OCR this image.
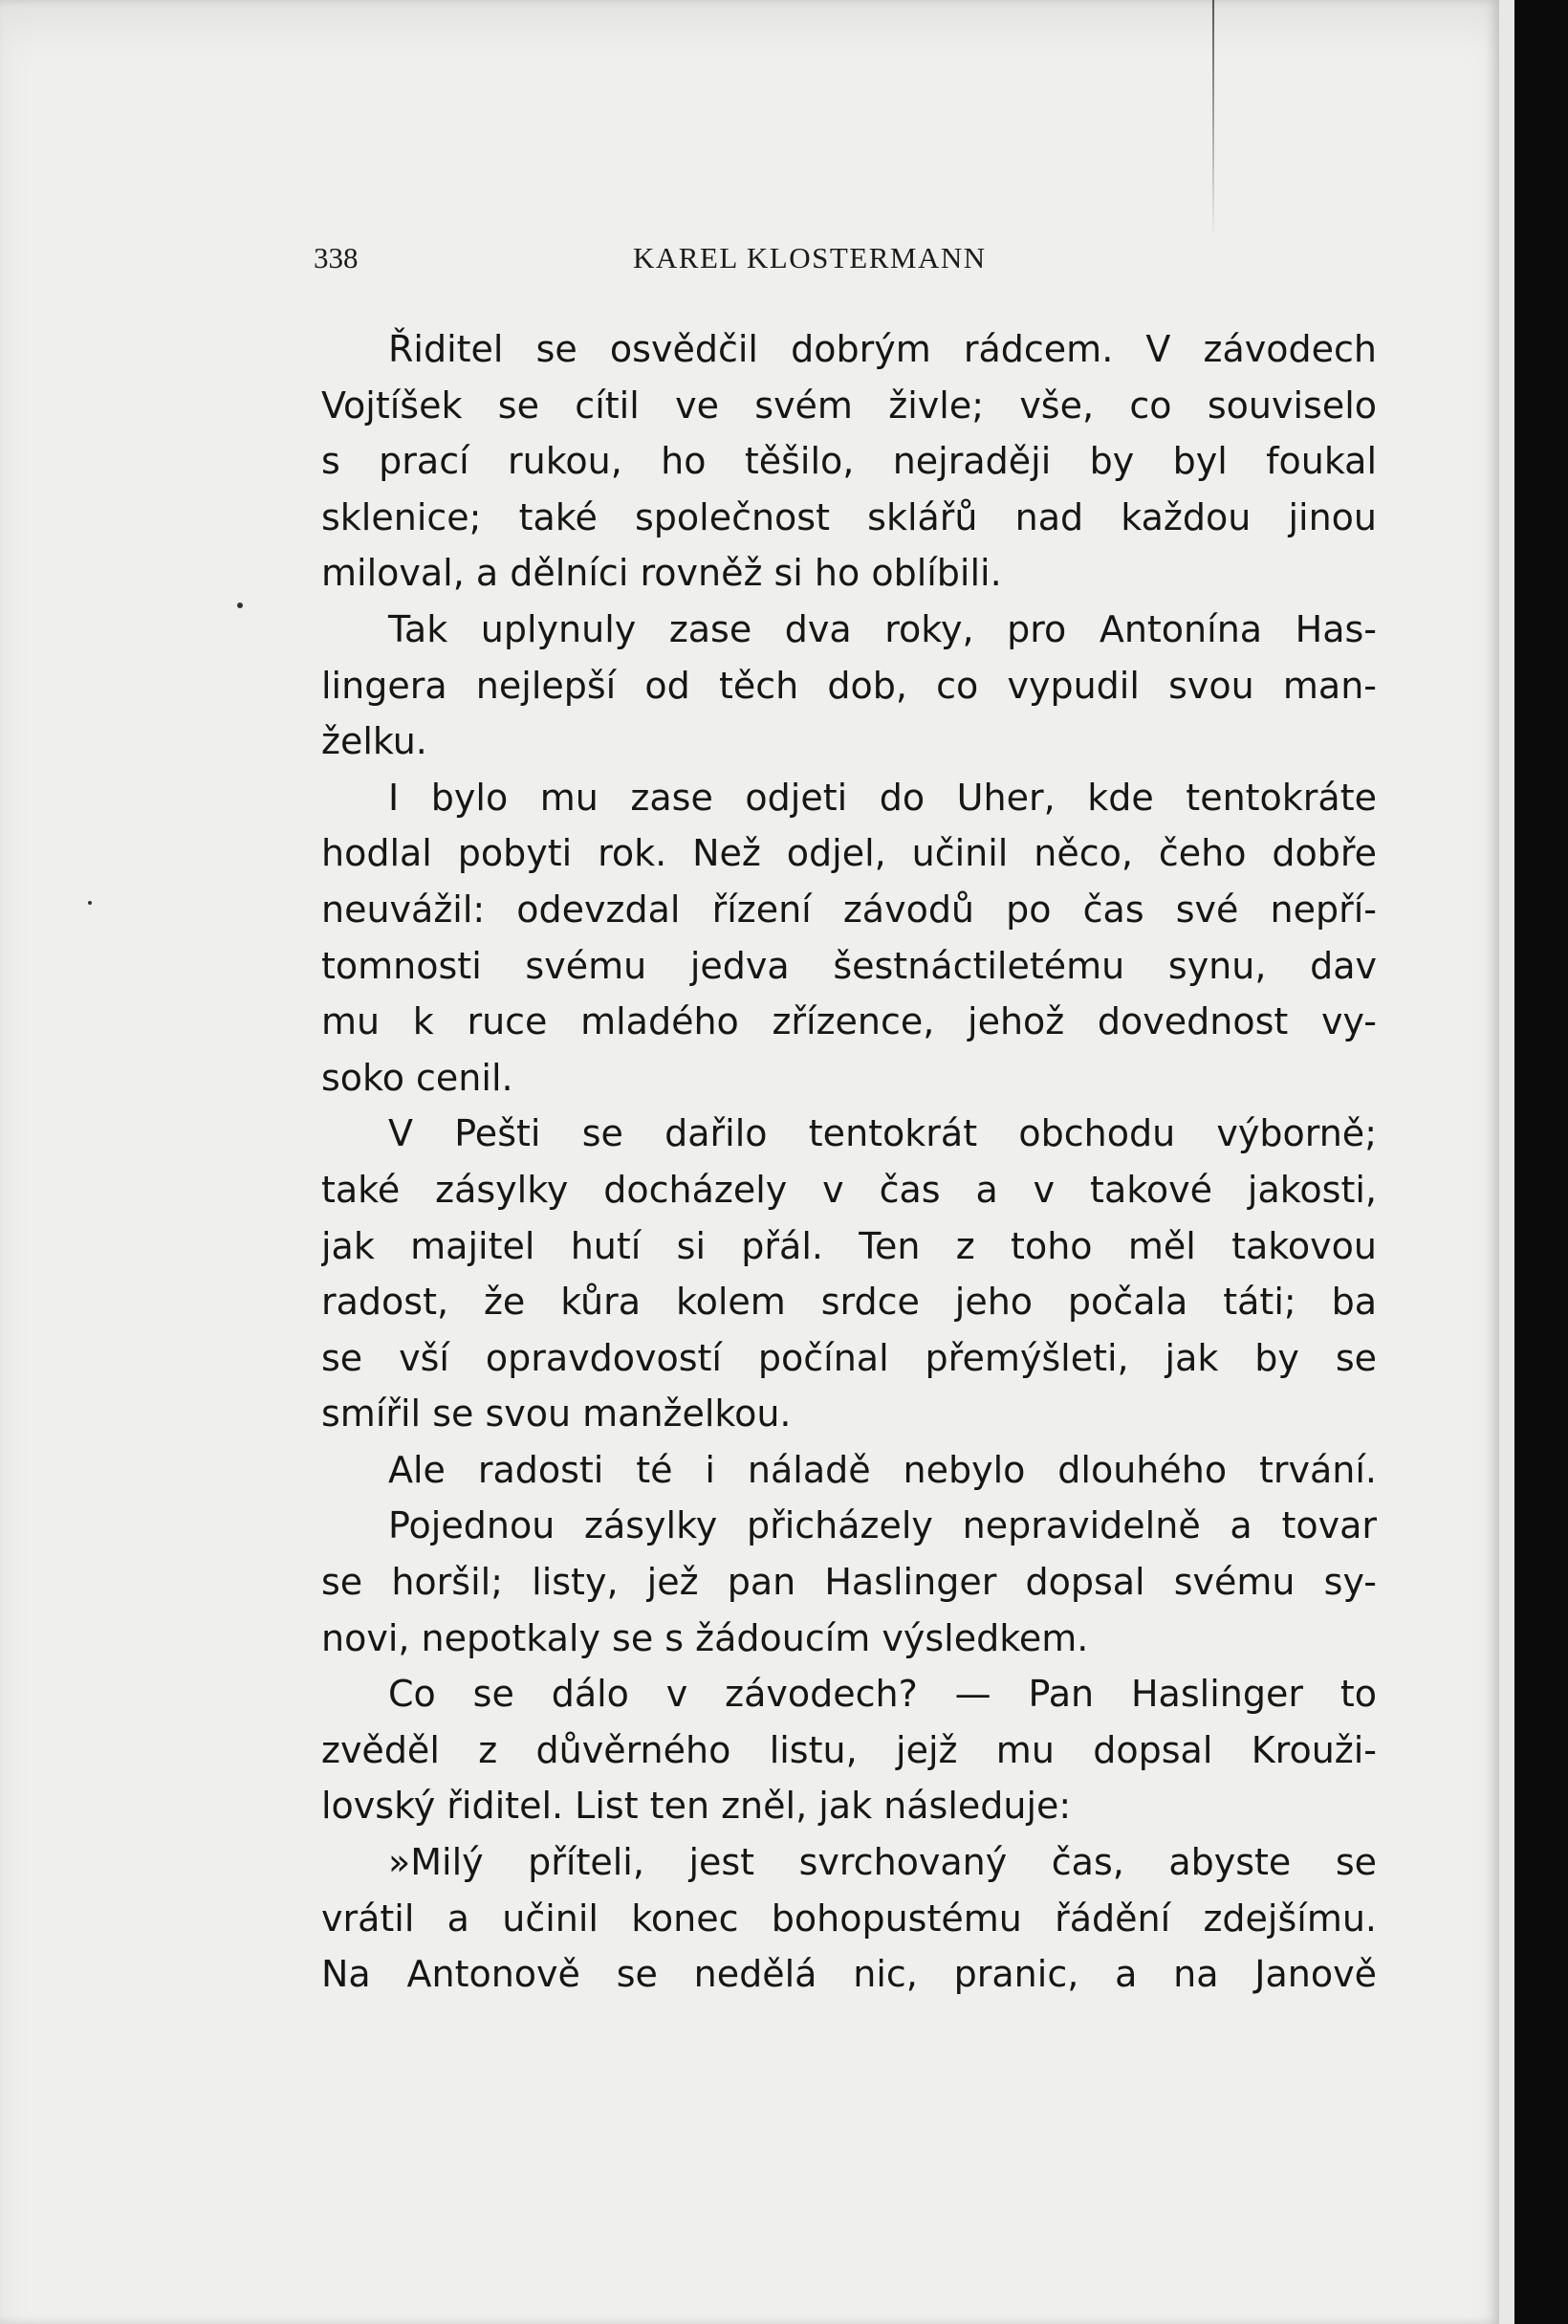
338	KAREL KLOSTERMANN
Řiditel se osvědčil dobrým rádcem. V závodech
Vojtíšek se cítil ve svém živle; vše, co souviselo
s prací rukou, ho těšilo, nejraději by byl foukal
sklenice; také společnost sklářů nad každou jinou
miloval, a dělníci rovněž si ho oblíbili.
Tak uplynuly zase dva roky, pro Antonína Has-
lingera nejlepší od těch dob, co vypudil svou man-
želku.
I bylo mu zase odjeti do Uher, kde tentokráte
hodlal pobyti rok. Než odjel, učinil něco, čeho dobře
neuvážil: odevzdal řízení závodů po čas své nepří-
tomnosti svému jedva šestnáctiletému synu, dav
mu k ruce mladého zřízence, jehož dovednost vy-
soko cenil.
V Pešti se dařilo tentokrát obchodu výborně;
také zásylky docházely v čas a v takové jakosti,
jak majitel hutí si přál. Ten z toho měl takovou
radost, že kůra kolem srdce jeho počala táti; ba
se vší opravdovostí počínal přemýšleti, jak by se
smířil se svou manželkou.
Ale radosti té i náladě nebylo dlouhého trvání.
Pojednou zásylky přicházely nepravidelně a tovar
se horšil; listy, jež pan Haslinger dopsal svému sy-
novi, nepotkaly se s žádoucím výsledkem.
Co se dálo v závodech? — Pan Haslinger to
zvěděl z důvěrného listu, jejž mu dopsal Krouži-
lovský řiditel. List ten zněl, jak následuje:
»Milý příteli, jest svrchovaný čas, abyste se
vrátil a učinil konec bohopustému řádění zdejšímu.
Na Antonově se nedělá nic, pranic, a na Janově
